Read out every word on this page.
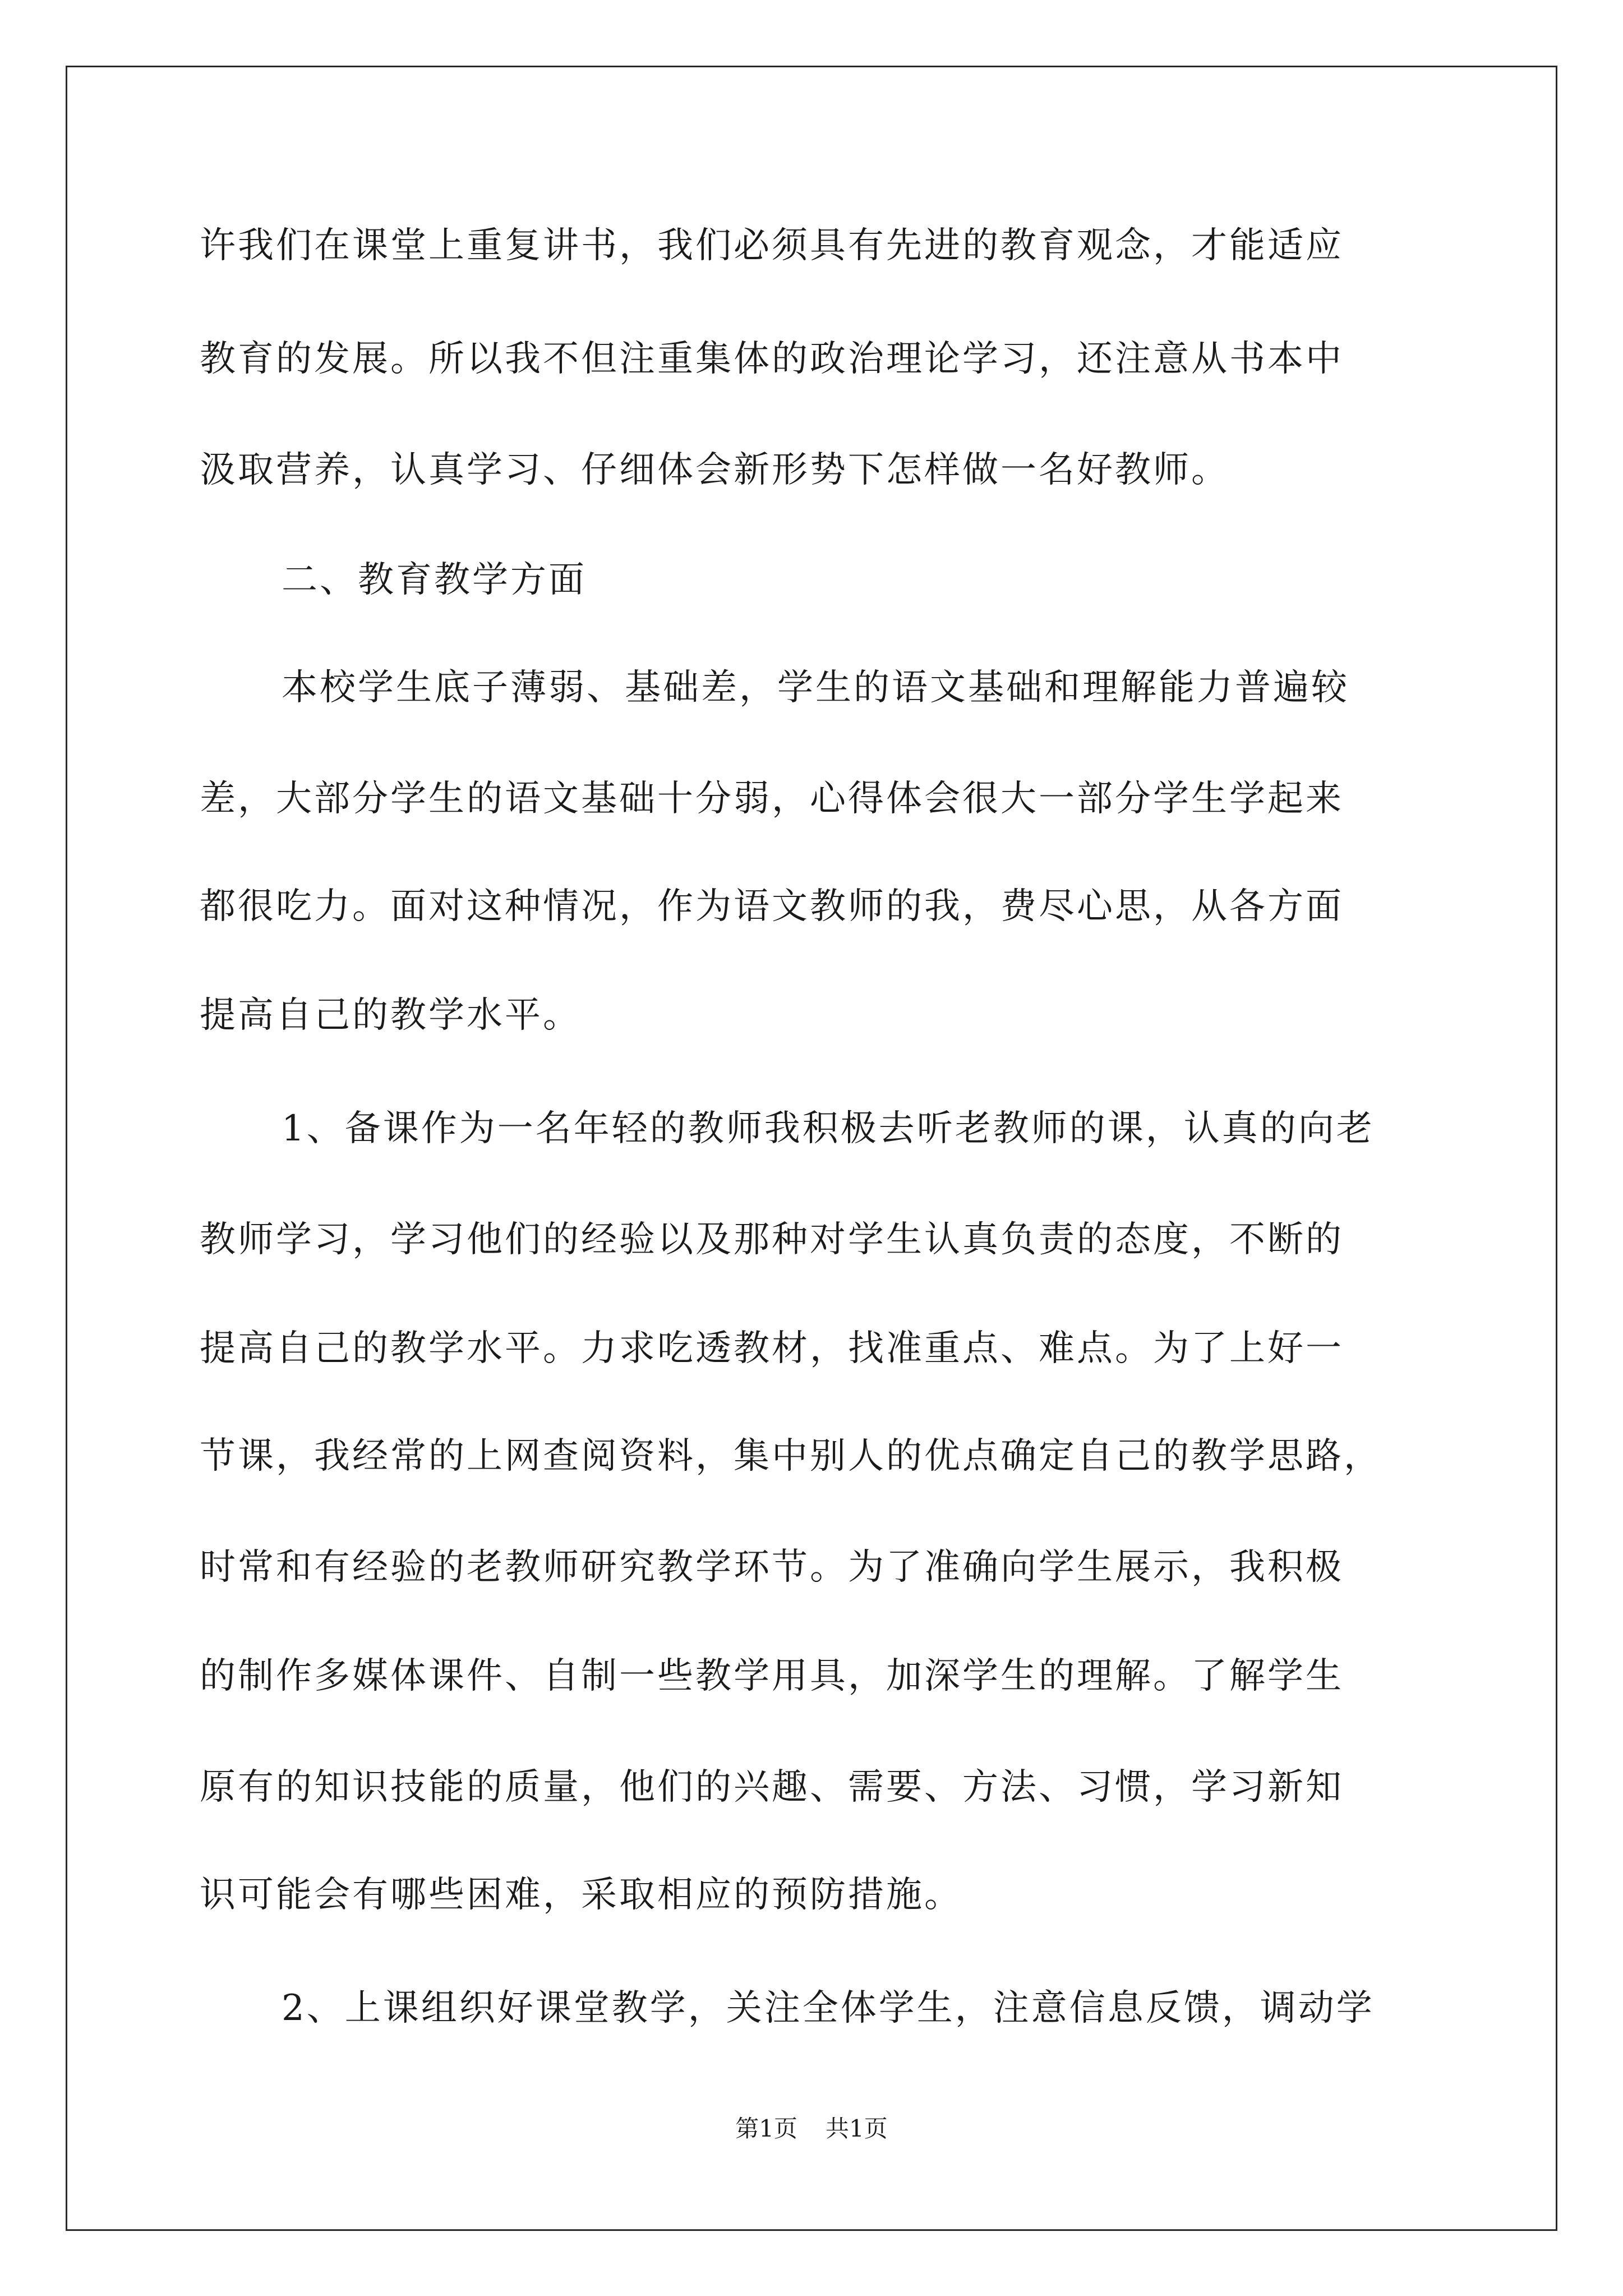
许我们在课堂上重复讲书，我们必须具有先进的教育观念，才能适应
教育的发展。所以我不但注重集体的政治理论学习，还注意从书本中
汲取营养，认真学习、仔细体会新形势下怎样做一名好教师。
二、教育教学方面
本校学生底子薄弱、基础差，学生的语文基础和理解能力普遍较
差，大部分学生的语文基础十分弱，心得体会很大一部分学生学起来
都很吃力。面对这种情况，作为语文教师的我，费尽心思，从各方面
提高自己的教学水平。
1、备课作为一名年轻的教师我积极去听老教师的课，认真的向老
教师学习，学习他们的经验以及那种对学生认真负责的态度，不断的
提高自己的教学水平。力求吃透教材，找准重点、难点。为了上好一
节课，我经常的上网查阅资料，集中别人的优点确定自己的教学思路，
时常和有经验的老教师研究教学环节。为了准确向学生展示，我积极
的制作多媒体课件、自制一些教学用具，加深学生的理解。了解学生
原有的知识技能的质量，他们的兴趣、需要、方法、习惯，学习新知
识可能会有哪些困难，采取相应的预防措施。
2、上课组织好课堂教学，关注全体学生，注意信息反馈，调动学
第1页 共1页
